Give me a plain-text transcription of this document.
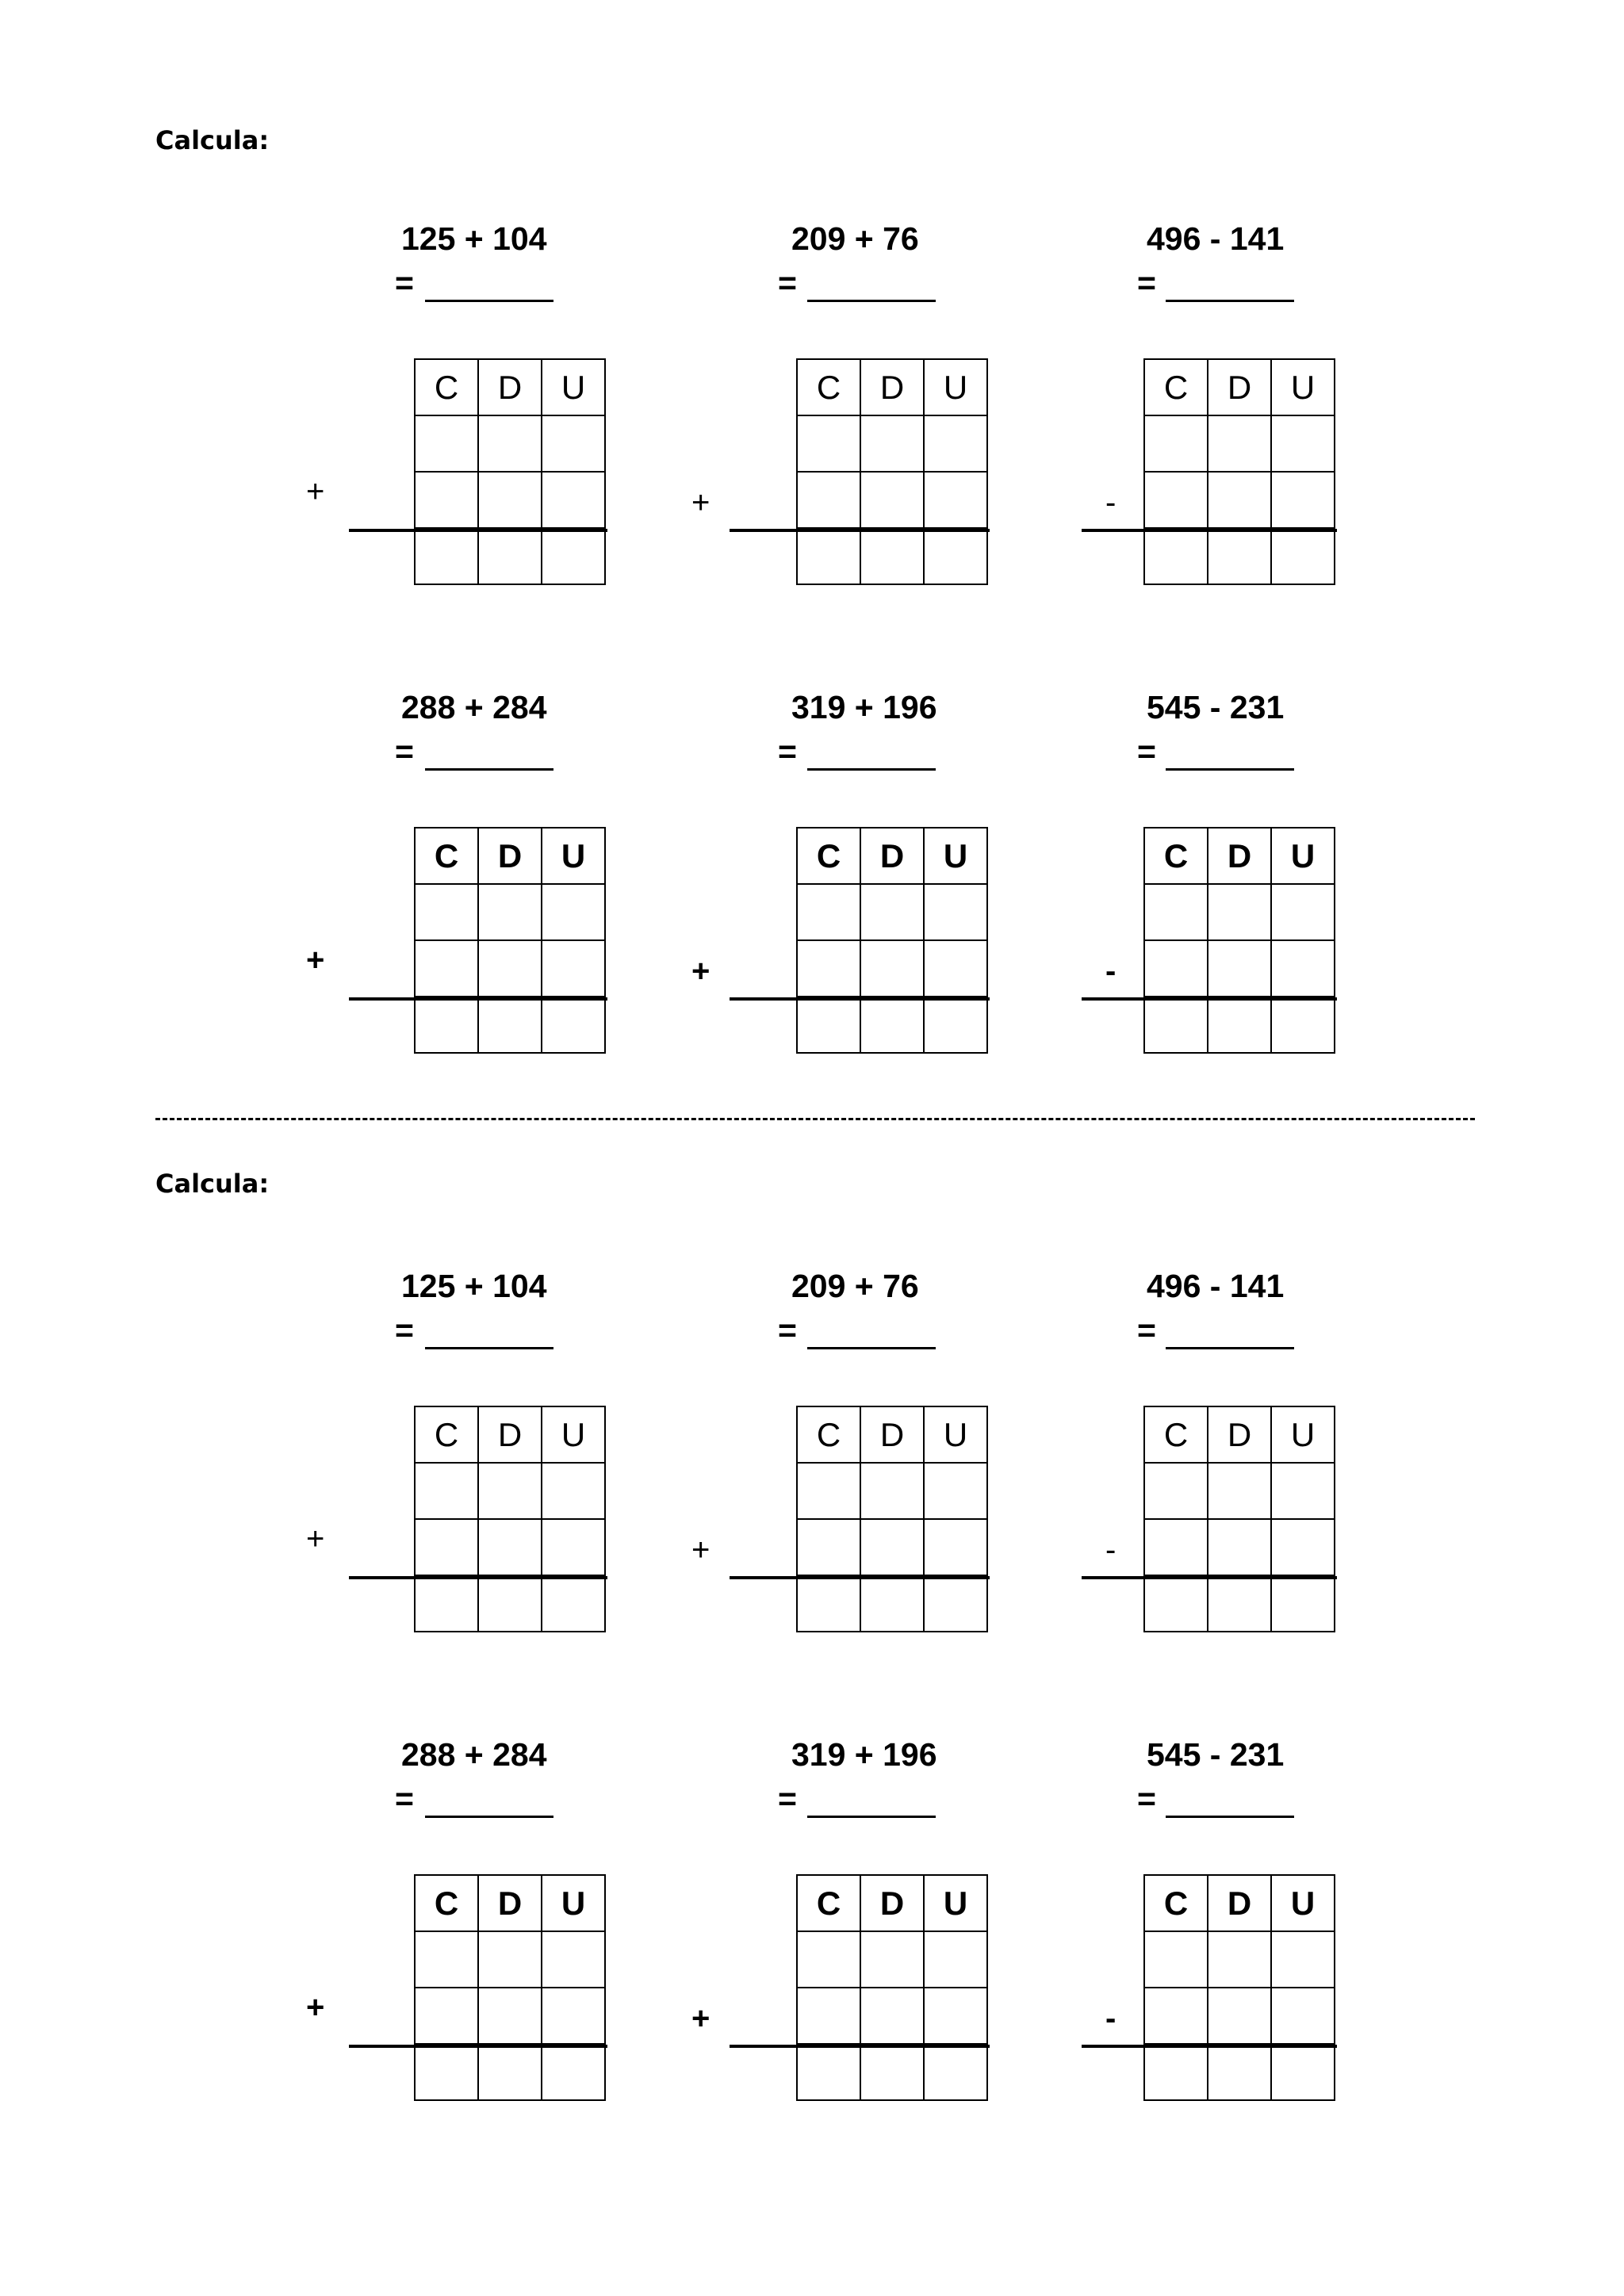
Calcula:
125 + 104
=
C	D	U

+
209 + 76
=
C	D	U

+
496 - 141
=
C	D	U

-
288 + 284
=
C	D	U

+
319 + 196
=
C	D	U

+
545 - 231
=
C	D	U

-
Calcula:
125 + 104
=
C	D	U

+
209 + 76
=
C	D	U

+
496 - 141
=
C	D	U

-
288 + 284
=
C	D	U

+
319 + 196
=
C	D	U

+
545 - 231
=
C	D	U

-
